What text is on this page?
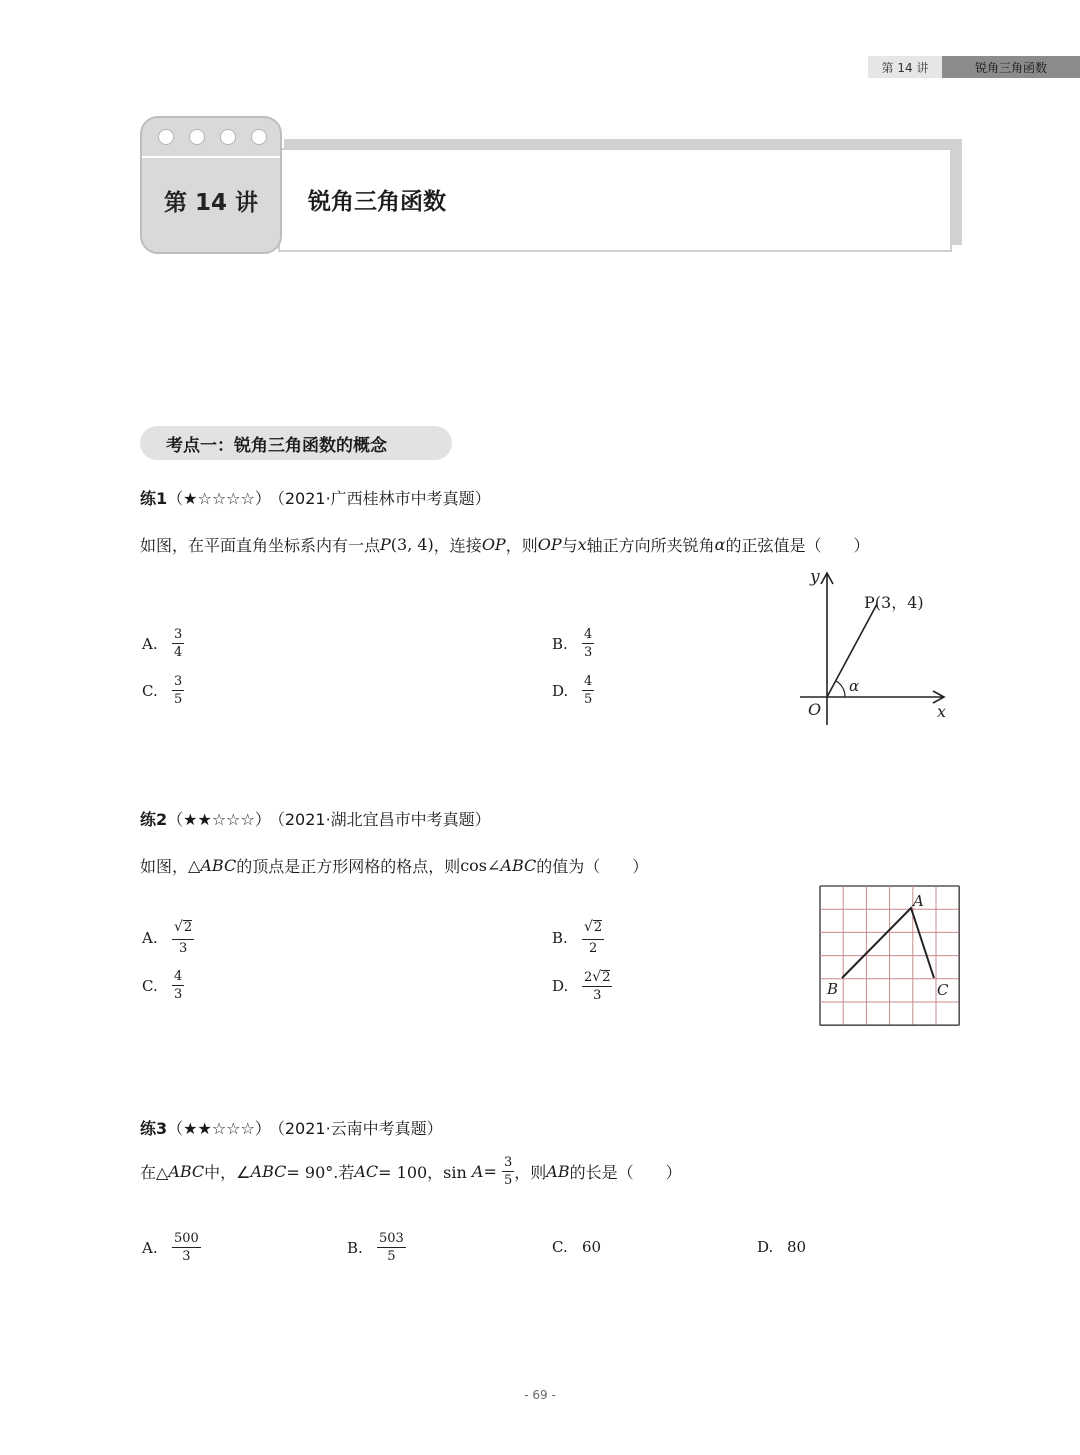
第 14 讲	锐角三角函数
第 14 讲	锐角三角函数
考点一：锐角三角函数的概念
练1（★☆☆☆☆） （2021·广西桂林市中考真题）
如图，在平面直角坐标系内有一点 P (3, 4) ，连接 OP ，则 OP 与 x 轴正方向所夹锐角 α 的正弦值是（　　）
A.	$\frac{3}{4}$	B.	$\frac{4}{3}$
C.	$\frac{3}{5}$	D.	$\frac{4}{5}$
y
x
O
P(3，4)
α
练2（★★☆☆☆） （2021·湖北宜昌市中考真题）
如图， △ ABC 的顶点是正方形网格的格点，则 cos∠ ABC 的值为（　　）
A.	$\frac{√ 2}{3}$	B.	$\frac{√ 2}{2}$
C.	$\frac{4}{3}$	D.	$\frac{2 √ 2}{3}$
A
B	C
练3（★★☆☆☆） （2021·云南中考真题）
在△ ABC 中，∠ ABC = 90°.若 AC = 100，sin
A =
$\frac{3}{5}$ ，则 AB 的长是（　　）
A.	$\frac{500}{3}$	B.	$\frac{503}{5}$	C. 60	D. 80
- 69 -
